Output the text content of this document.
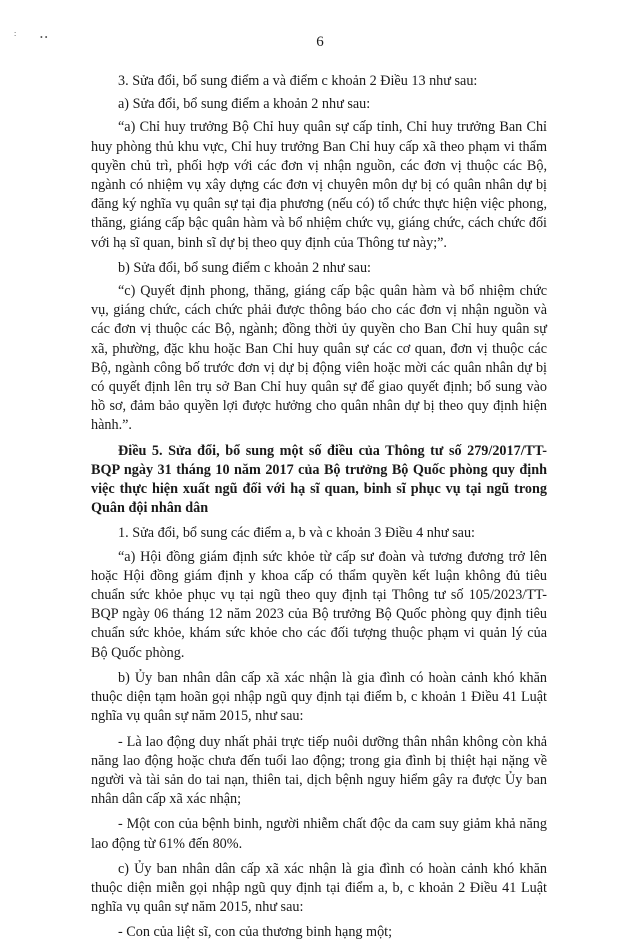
:	• •	6

3. Sửa đổi, bổ sung điểm a và điểm c khoản 2 Điều 13 như sau:

a) Sửa đổi, bổ sung điểm a khoản 2 như sau:

“a) Chỉ huy trưởng Bộ Chỉ huy quân sự cấp tỉnh, Chỉ huy trưởng Ban Chỉ huy phòng thủ khu vực, Chỉ huy trưởng Ban Chỉ huy cấp xã theo phạm vi thẩm quyền chủ trì, phối hợp với các đơn vị nhận nguồn, các đơn vị thuộc các Bộ, ngành có nhiệm vụ xây dựng các đơn vị chuyên môn dự bị có quân nhân dự bị đăng ký nghĩa vụ quân sự tại địa phương (nếu có) tổ chức thực hiện việc phong, thăng, giáng cấp bậc quân hàm và bổ nhiệm chức vụ, giáng chức, cách chức đối với hạ sĩ quan, binh sĩ dự bị theo quy định của Thông tư này;”.

b) Sửa đổi, bổ sung điểm c khoản 2 như sau:

“c) Quyết định phong, thăng, giáng cấp bậc quân hàm và bổ nhiệm chức vụ, giáng chức, cách chức phải được thông báo cho các đơn vị nhận nguồn và các đơn vị thuộc các Bộ, ngành; đồng thời ủy quyền cho Ban Chỉ huy quân sự xã, phường, đặc khu hoặc Ban Chỉ huy quân sự các cơ quan, đơn vị thuộc các Bộ, ngành công bố trước đơn vị dự bị động viên hoặc mời các quân nhân dự bị có quyết định lên trụ sở Ban Chỉ huy quân sự để giao quyết định; bổ sung vào hồ sơ, đảm bảo quyền lợi được hưởng cho quân nhân dự bị theo quy định hiện hành.”.

Điều 5. Sửa đổi, bổ sung một số điều của Thông tư số 279/2017/TT-BQP ngày 31 tháng 10 năm 2017 của Bộ trưởng Bộ Quốc phòng quy định việc thực hiện xuất ngũ đối với hạ sĩ quan, binh sĩ phục vụ tại ngũ trong Quân đội nhân dân

1. Sửa đổi, bổ sung các điểm a, b và c khoản 3 Điều 4 như sau:

“a) Hội đồng giám định sức khỏe từ cấp sư đoàn và tương đương trở lên hoặc Hội đồng giám định y khoa cấp có thẩm quyền kết luận không đủ tiêu chuẩn sức khỏe phục vụ tại ngũ theo quy định tại Thông tư số 105/2023/TT-BQP ngày 06 tháng 12 năm 2023 của Bộ trưởng Bộ Quốc phòng quy định tiêu chuẩn sức khỏe, khám sức khỏe cho các đối tượng thuộc phạm vi quản lý của Bộ Quốc phòng.

b) Ủy ban nhân dân cấp xã xác nhận là gia đình có hoàn cảnh khó khăn thuộc diện tạm hoãn gọi nhập ngũ quy định tại điểm b, c khoản 1 Điều 41 Luật nghĩa vụ quân sự năm 2015, như sau:

- Là lao động duy nhất phải trực tiếp nuôi dưỡng thân nhân không còn khả năng lao động hoặc chưa đến tuổi lao động; trong gia đình bị thiệt hại nặng về người và tài sản do tai nạn, thiên tai, dịch bệnh nguy hiểm gây ra được Ủy ban nhân dân cấp xã xác nhận;

- Một con của bệnh binh, người nhiễm chất độc da cam suy giảm khả năng lao động từ 61% đến 80%.

c) Ủy ban nhân dân cấp xã xác nhận là gia đình có hoàn cảnh khó khăn thuộc diện miễn gọi nhập ngũ quy định tại điểm a, b, c khoản 2 Điều 41 Luật nghĩa vụ quân sự năm 2015, như sau:

- Con của liệt sĩ, con của thương binh hạng một;
